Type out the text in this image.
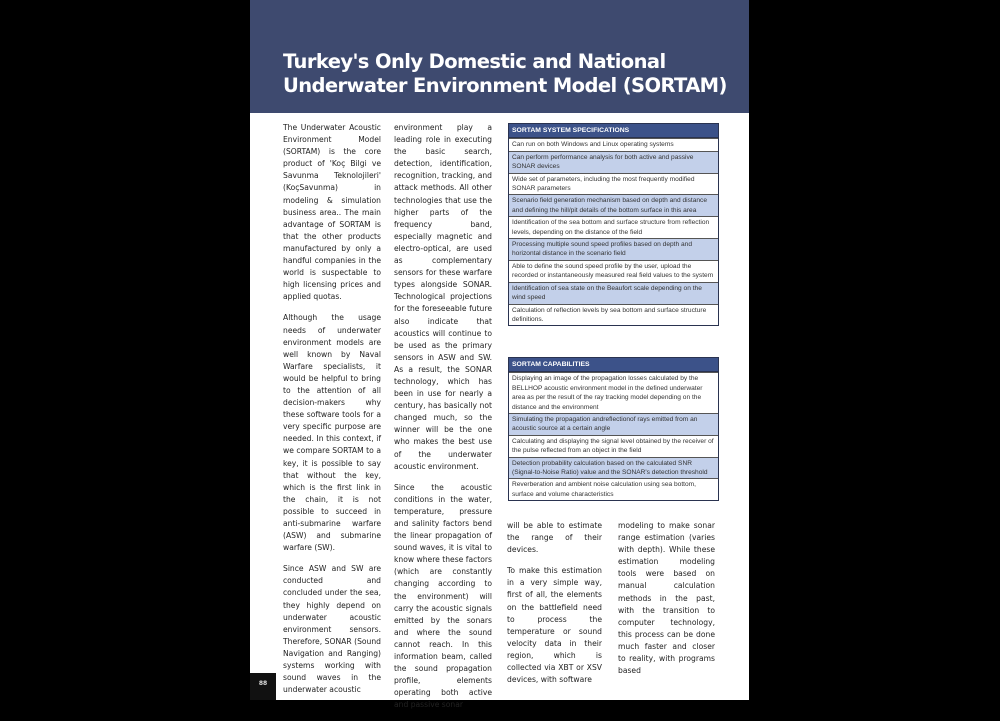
Turkey's Only Domestic and National
Underwater Environment Model (SORTAM)

The Underwater Acoustic Environment Model (SORTAM) is the core product of 'Koç Bilgi ve Savunma Teknolojileri' (KoçSavunma) in modeling & simulation business area.. The main advantage of SORTAM is that the other products manufactured by only a handful companies in the world is suspectable to high licensing prices and applied quotas.

Although the usage needs of underwater environment models are well known by Naval Warfare specialists, it would be helpful to bring to the attention of all decision-makers why these software tools for a very specific purpose are needed. In this context, if we compare SORTAM to a key, it is possible to say that without the key, which is the first link in the chain, it is not possible to succeed in anti-submarine warfare (ASW) and submarine warfare (SW).

Since ASW and SW are conducted and concluded under the sea, they highly depend on underwater acoustic environment sensors. Therefore, SONAR (Sound Navigation and Ranging) systems working with sound waves in the underwater acoustic

environment play a leading role in executing the basic search, detection, identification, recognition, tracking, and attack methods. All other technologies that use the higher parts of the frequency band, especially magnetic and electro-optical, are used as complementary sensors for these warfare types alongside SONAR. Technological projections for the foreseeable future also indicate that acoustics will continue to be used as the primary sensors in ASW and SW. As a result, the SONAR technology, which has been in use for nearly a century, has basically not changed much, so the winner will be the one who makes the best use of the underwater acoustic environment.

Since the acoustic conditions in the water, temperature, pressure and salinity factors bend the linear propagation of sound waves, it is vital to know where these factors (which are constantly changing according to the environment) will carry the acoustic signals emitted by the sonars and where the sound cannot reach. In this information beam, called the sound propagation profile, elements operating both active and passive sonar

SORTAM SYSTEM SPECIFICATIONS
Can run on both Windows and Linux operating systems
Can perform performance analysis for both active and passive SONAR devices
Wide set of parameters, including the most frequently modified SONAR parameters
Scenario field generation mechanism based on depth and distance and defining the hill/pit details of the bottom surface in this area
Identification of the sea bottom and surface structure from reflection levels, depending on the distance of the field
Processing multiple sound speed profiles based on depth and horizontal distance in the scenario field
Able to define the sound speed profile by the user, upload the recorded or instantaneously measured real field values to the system
Identification of sea state on the Beaufort scale depending on the wind speed
Calculation of reflection levels by sea bottom and surface structure definitions.
SORTAM CAPABILITIES
Displaying an image of the propagation losses calculated by the BELLHOP acoustic environment model in the defined underwater area as per the result of the ray tracking model depending on the distance and the environment
Simulating the propagation andreflectionof rays emitted from an acoustic source at a certain angle
Calculating and displaying the signal level obtained by the receiver of the pulse reflected from an object in the field
Detection probability calculation based on the calculated SNR (Signal-to-Noise Ratio) value and the SONAR's detection threshold
Reverberation and ambient noise calculation using sea bottom, surface and volume characteristics

will be able to estimate the range of their devices.

To make this estimation in a very simple way, first of all, the elements on the battlefield need to process the temperature or sound velocity data in their region, which is collected via XBT or XSV devices, with software

modeling to make sonar range estimation (varies with depth). While these estimation modeling tools were based on manual calculation methods in the past, with the transition to computer technology, this process can be done much faster and closer to reality, with programs based

88
